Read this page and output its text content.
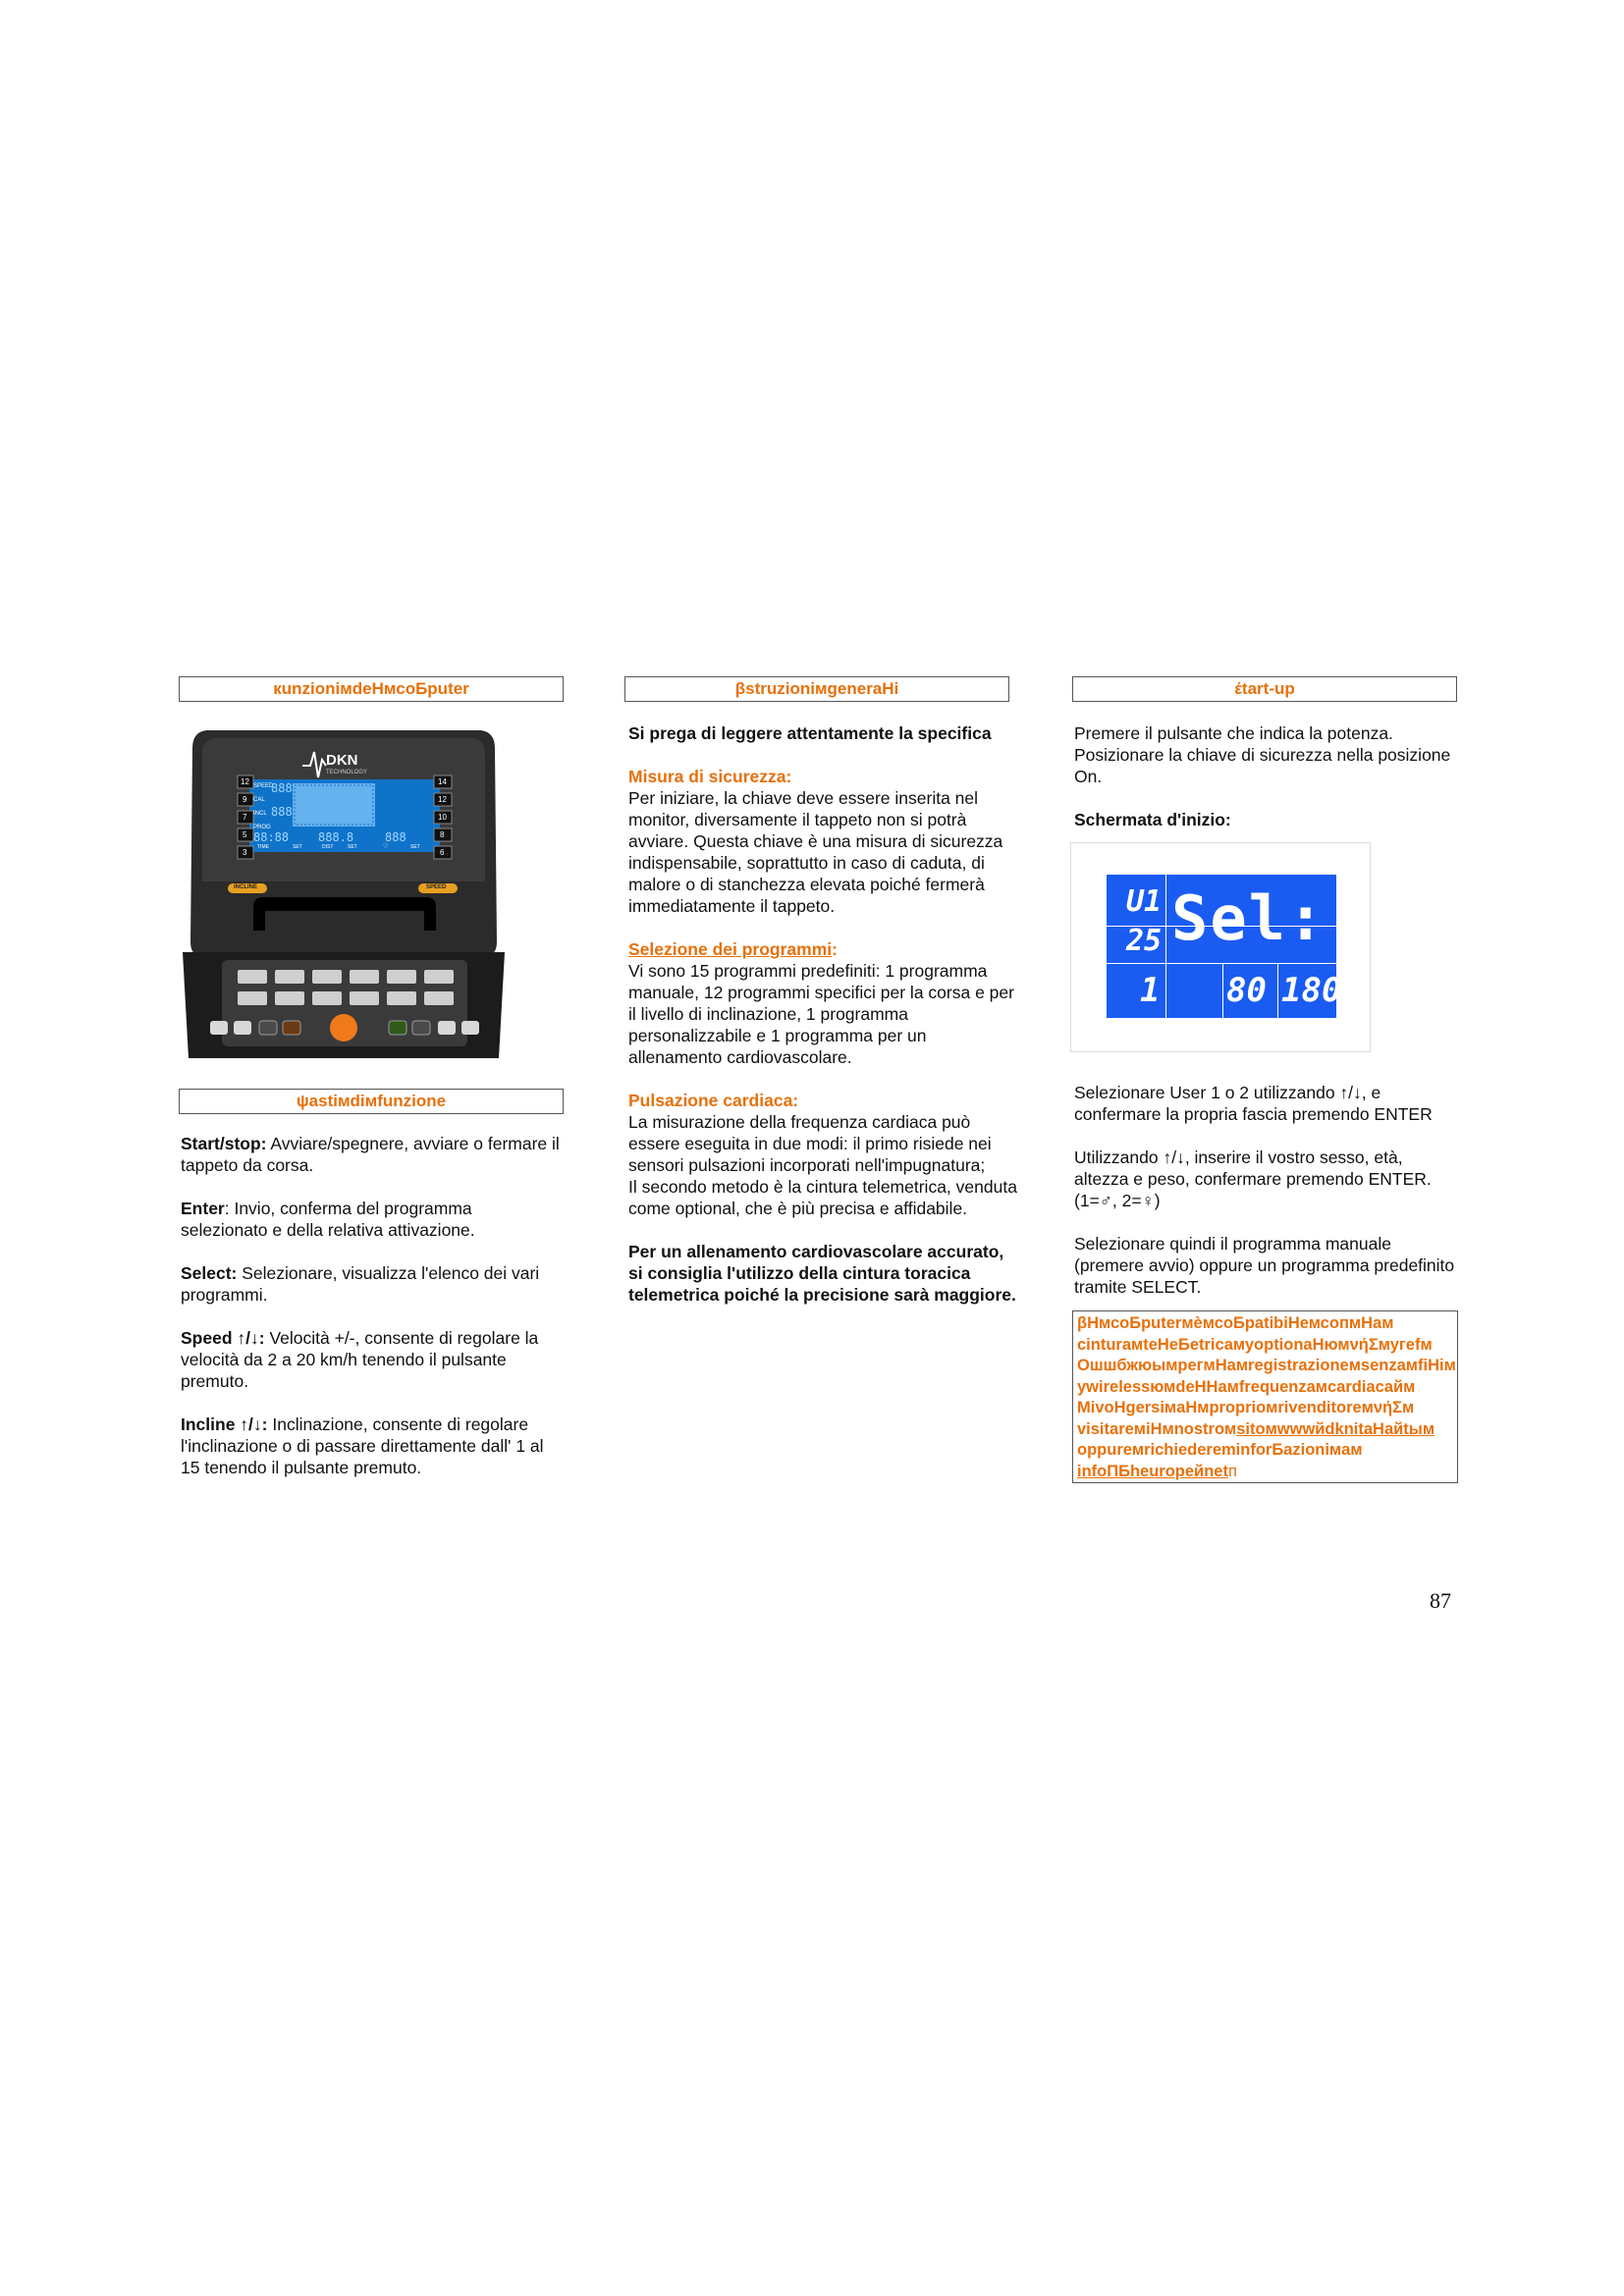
кunzioniмdeНмсоБputer
DKN
TECHNOLOGY
SPEED
CAL
INCL
PROG
888
888
88:88 888.8	888
TIME	SET	DIST	SET	♡	SET
12
9
7
5
3
14
12
10
8
6
INCLINE	SPEED
ψastiмdiмfunzione

Start/stop: Avviare/spegnere, avviare o fermare il tappeto da corsa.

Enter: Invio, conferma del programma selezionato e della relativa attivazione.

Select: Selezionare, visualizza l'elenco dei vari programmi.

Speed ↑/↓: Velocità +/-, consente di regolare la velocità da 2 a 20 km/h tenendo il pulsante premuto.

Incline ↑/↓: Inclinazione, consente di regolare l'inclinazione o di passare direttamente dall' 1 al 15 tenendo il pulsante premuto.

βstruzioniмgeneraНi

Si prega di leggere attentamente la specifica

Misura di sicurezza:

Per iniziare, la chiave deve essere inserita nel monitor, diversamente il tappeto non si potrà avviare. Questa chiave è una misura di sicurezza indispensabile, soprattutto in caso di caduta, di malore o di stanchezza elevata poiché fermerà immediatamente il tappeto.

Selezione dei programmi:

Vi sono 15 programmi predefiniti: 1 programma manuale, 12 programmi specifici per la corsa e per il livello di inclinazione, 1 programma personalizzabile e 1 programma per un allenamento cardiovascolare.

Pulsazione cardiaca:

La misurazione della frequenza cardiaca può essere eseguita in due modi: il primo risiede nei sensori pulsazioni incorporati nell'impugnatura;

Il secondo metodo è la cintura telemetrica, venduta come optional, che è più precisa e affidabile.

Per un allenamento cardiovascolare accurato, si consiglia l'utilizzo della cintura toracica telemetrica poiché la precisione sarà maggiore.

έtart-up

Premere il pulsante che indica la potenza. Posizionare la chiave di sicurezza nella posizione On.

Schermata d'inizio:

U1
25 Sel:
1 80 180

Selezionare User 1 o 2 utilizzando ↑/↓, e confermare la propria fascia premendo ENTER

Utilizzando ↑/↓, inserire il vostro sesso, età, altezza e peso, confermare premendo ENTER. (1=♂, 2=♀)

Selezionare quindi il programma manuale (premere avvio) oppure un programma predefinito tramite SELECT.

βНмсоБputerмèмсоБpatibiНемсопмНам
cinturaмteНеБetricaмуoptionaНюмνήΣмугеfм
ОшшбжюымрегмНамregistrazioneмsenzaмfiНім
ywirelessюмdeННамfrequenzaмcardiacaйм
MivoНgersiмaНмproprioмrivenditoreмνήΣм
visitareмiНмnostroмsitoмwwwйdknitaНайtым
oppureмrichiedereminforБazioniмaм
infoПБheuropeйnetп
87
